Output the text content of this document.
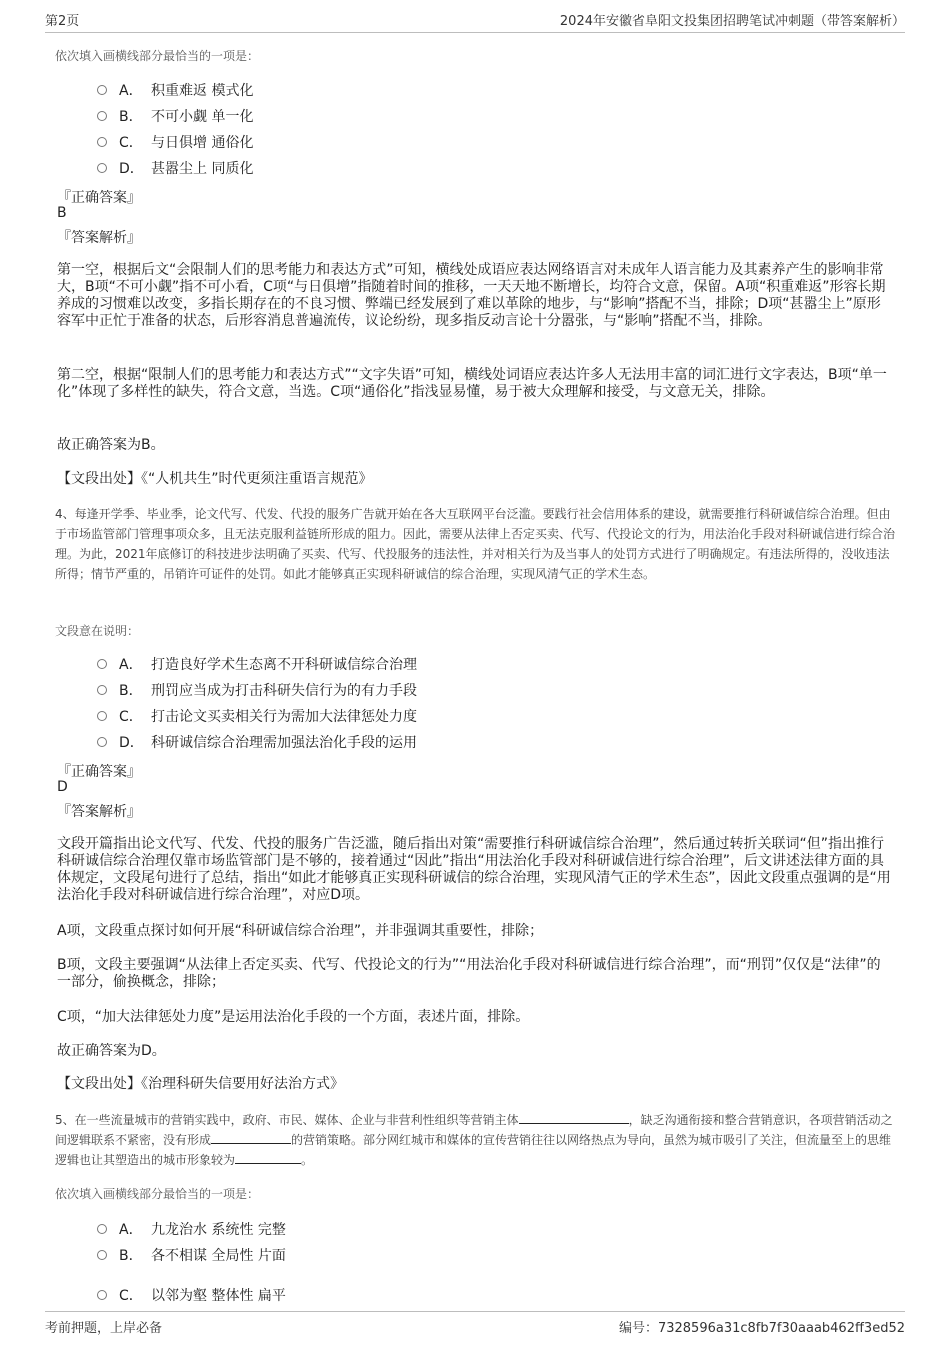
第2页	2024年安徽省阜阳文投集团招聘笔试冲刺题（带答案解析）
依次填入画横线部分最恰当的一项是：
A． 积重难返 模式化
B． 不可小觑 单一化
C． 与日俱增 通俗化
D． 甚嚣尘上 同质化
『正确答案』
B
『答案解析』
第一空，根据后文“会限制人们的思考能力和表达方式”可知，横线处成语应表达网络语言对未成年人语言能力及其素养产生的影响非常大，B项“不可小觑”指不可小看，C项“与日俱增”指随着时间的推移，一天天地不断增长，均符合文意，保留。A项“积重难返”形容长期养成的习惯难以改变，多指长期存在的不良习惯、弊端已经发展到了难以革除的地步，与“影响”搭配不当，排除；D项“甚嚣尘上”原形容军中正忙于准备的状态，后形容消息普遍流传，议论纷纷，现多指反动言论十分嚣张，与“影响”搭配不当，排除。
第二空，根据“限制人们的思考能力和表达方式”“文字失语”可知，横线处词语应表达许多人无法用丰富的词汇进行文字表达，B项“单一化”体现了多样性的缺失，符合文意，当选。C项“通俗化”指浅显易懂，易于被大众理解和接受，与文意无关，排除。
故正确答案为B。
【文段出处】《“人机共生”时代更须注重语言规范》
4、每逢开学季、毕业季，论文代写、代发、代投的服务广告就开始在各大互联网平台泛滥。要践行社会信用体系的建设，就需要推行科研诚信综合治理。但由于市场监管部门管理事项众多，且无法克服利益链所形成的阻力。因此，需要从法律上否定买卖、代写、代投论文的行为，用法治化手段对科研诚信进行综合治理。为此，2021年底修订的科技进步法明确了买卖、代写、代投服务的违法性，并对相关行为及当事人的处罚方式进行了明确规定。有违法所得的，没收违法所得；情节严重的，吊销许可证件的处罚。如此才能够真正实现科研诚信的综合治理，实现风清气正的学术生态。
文段意在说明：
A． 打造良好学术生态离不开科研诚信综合治理
B． 刑罚应当成为打击科研失信行为的有力手段
C． 打击论文买卖相关行为需加大法律惩处力度
D． 科研诚信综合治理需加强法治化手段的运用
『正确答案』
D
『答案解析』
文段开篇指出论文代写、代发、代投的服务广告泛滥，随后指出对策“需要推行科研诚信综合治理”，然后通过转折关联词“但”指出推行科研诚信综合治理仅靠市场监管部门是不够的，接着通过“因此”指出“用法治化手段对科研诚信进行综合治理”，后文讲述法律方面的具体规定，文段尾句进行了总结，指出“如此才能够真正实现科研诚信的综合治理，实现风清气正的学术生态”，因此文段重点强调的是“用法治化手段对科研诚信进行综合治理”，对应D项。
A项，文段重点探讨如何开展“科研诚信综合治理”，并非强调其重要性，排除；
B项，文段主要强调“从法律上否定买卖、代写、代投论文的行为”“用法治化手段对科研诚信进行综合治理”，而“刑罚”仅仅是“法律”的一部分，偷换概念，排除；
C项，“加大法律惩处力度”是运用法治化手段的一个方面，表述片面，排除。
故正确答案为D。
【文段出处】《治理科研失信要用好法治方式》
5、在一些流量城市的营销实践中，政府、市民、媒体、企业与非营利性组织等营销主体	，缺乏沟通衔接和整合营销意识，各项营销活动之间逻辑联系不紧密，没有形成	的营销策略。部分网红城市和媒体的宣传营销往往以网络热点为导向，虽然为城市吸引了关注，但流量至上的思维逻辑也让其塑造出的城市形象较为	。
依次填入画横线部分最恰当的一项是：
A． 九龙治水 系统性 完整
B． 各不相谋 全局性 片面
C． 以邻为壑 整体性 扁平
考前押题，上岸必备	编号：7328596a31c8fb7f30aaab462ff3ed52
